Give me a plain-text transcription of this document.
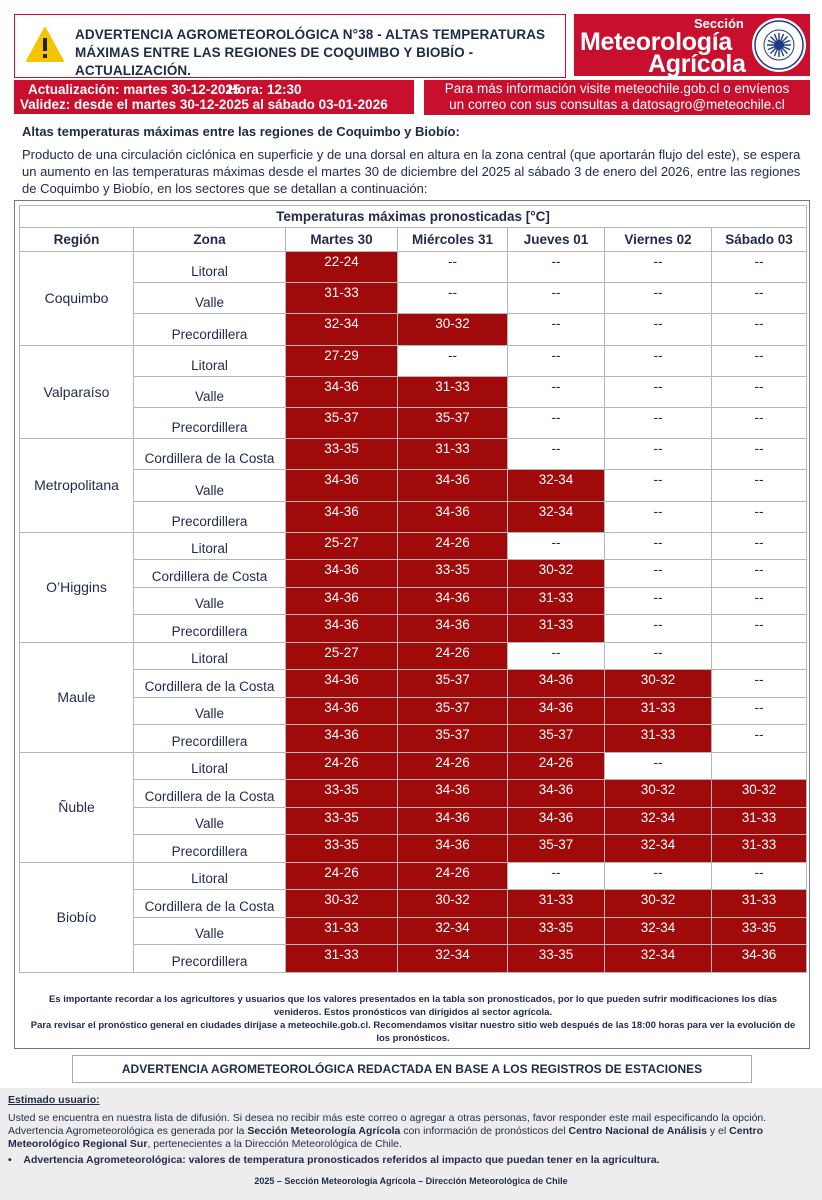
ADVERTENCIA AGROMETEOROLÓGICA N°38 - ALTAS TEMPERATURAS
MÁXIMAS ENTRE LAS REGIONES DE COQUIMBO Y BIOBÍO - ACTUALIZACIÓN.
Sección
Meteorología
Agrícola
Actualización: martes 30-12-2025
Hora: 12:30
Validez: desde el martes 30-12-2025 al sábado 03-01-2026
Para más información visite meteochile.gob.cl o envíenos
un correo con sus consultas a datosagro@meteochile.cl
Altas temperaturas máximas entre las regiones de Coquimbo y Biobío:
Producto de una circulación ciclónica en superficie y de una dorsal en altura en la zona central (que aportarán flujo del este), se espera un aumento en las temperaturas máximas desde el martes 30 de diciembre del 2025 al sábado 3 de enero del 2026, entre las regiones de Coquimbo y Biobío, en los sectores que se detallan a continuación:
Temperaturas máximas pronosticadas [°C]						
Región	Zona	Martes 30	Miércoles 31	Jueves 01	Viernes 02	Sábado 03
Coquimbo	Litoral	22-24	--	--	--	--
	Valle	31-33	--	--	--	--
	Precordillera	32-34	30-32	--	--	--
Valparaíso	Litoral	27-29	--	--	--	--
	Valle	34-36	31-33	--	--	--
	Precordillera	35-37	35-37	--	--	--
Metropolitana	Cordillera de la Costa	33-35	31-33	--	--	--
	Valle	34-36	34-36	32-34	--	--
	Precordillera	34-36	34-36	32-34	--	--
O’Higgins	Litoral	25-27	24-26	--	--	--
	Cordillera de Costa	34-36	33-35	30-32	--	--
	Valle	34-36	34-36	31-33	--	--
	Precordillera	34-36	34-36	31-33	--	--
Maule	Litoral	25-27	24-26	--	--	
	Cordillera de la Costa	34-36	35-37	34-36	30-32	--
	Valle	34-36	35-37	34-36	31-33	--
	Precordillera	34-36	35-37	35-37	31-33	--
Ñuble	Litoral	24-26	24-26	24-26	--	
	Cordillera de la Costa	33-35	34-36	34-36	30-32	30-32
	Valle	33-35	34-36	34-36	32-34	31-33
	Precordillera	33-35	34-36	35-37	32-34	31-33
Biobío	Litoral	24-26	24-26	--	--	--
	Cordillera de la Costa	30-32	30-32	31-33	30-32	31-33
	Valle	31-33	32-34	33-35	32-34	33-35
	Precordillera	31-33	32-34	33-35	32-34	34-36
Es importante recordar a los agricultores y usuarios que los valores presentados en la tabla son pronosticados, por lo que pueden sufrir modificaciones los días venideros. Estos pronósticos van dirigidos al sector agrícola.
Para revisar el pronóstico general en ciudades diríjase a meteochile.gob.cl. Recomendamos visitar nuestro sitio web después de las 18:00 horas para ver la evolución de los pronósticos.
ADVERTENCIA AGROMETEOROLÓGICA REDACTADA EN BASE A LOS REGISTROS DE ESTACIONES
Estimado usuario:
Usted se encuentra en nuestra lista de difusión. Si desea no recibir más este correo o agregar a otras personas, favor responder este mail especificando la opción. Advertencia Agrometeorológica es generada por la Sección Meteorología Agrícola con información de pronósticos del Centro Nacional de Análisis y el Centro Meteorológico Regional Sur, pertenecientes a la Dirección Meteorológica de Chile.
•    Advertencia Agrometeorológica: valores de temperatura pronosticados referidos al impacto que puedan tener en la agricultura.
2025 – Sección Meteorología Agrícola – Dirección Meteorológica de Chile
